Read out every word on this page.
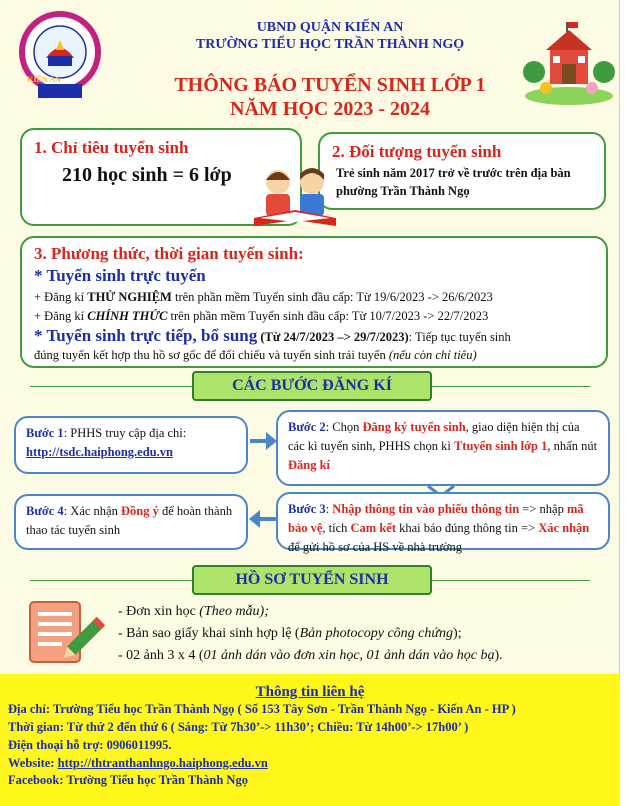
KIẾN AN
UBND QUẬN KIẾN AN
TRƯỜNG TIỂU HỌC TRẦN THÀNH NGỌ
THÔNG BÁO TUYỂN SINH LỚP 1
NĂM HỌC 2023 - 2024
1. Chỉ tiêu tuyển sinh
210 học sinh = 6 lớp
2. Đối tượng tuyển sinh
Trẻ sinh năm 2017 trở về trước trên địa bàn phường Trần Thành Ngọ
3. Phương thức, thời gian tuyển sinh:
* Tuyển sinh trực tuyến
+ Đăng kí THỬ NGHIỆM trên phần mềm Tuyển sinh đầu cấp: Từ 19/6/2023 -> 26/6/2023
+ Đăng kí CHÍNH THỨC trên phần mềm Tuyển sinh đầu cấp: Từ 10/7/2023 -> 22/7/2023
* Tuyển sinh trực tiếp, bổ sung (Từ 24/7/2023 –> 29/7/2023): Tiếp tục tuyển sinh
đúng tuyến kết hợp thu hồ sơ gốc để đối chiếu và tuyển sinh trái tuyến (nếu còn chỉ tiêu)
CÁC BƯỚC ĐĂNG KÍ
Bước 1: PHHS truy cập địa chỉ:
http://tsdc.haiphong.edu.vn
Bước 2: Chọn Đăng ký tuyển sinh, giao diện hiện thị của các kì tuyển sinh, PHHS chọn kì Ttuyển sinh lớp 1, nhấn nút Đăng kí
Bước 3: Nhập thông tin vào phiếu thông tin => nhập mã bảo vệ, tích Cam kết khai báo đúng thông tin => Xác nhận để gửi hồ sơ của HS về nhà trường
Bước 4: Xác nhận Đồng ý để hoàn thành thao tác tuyển sinh
HỒ SƠ TUYỂN SINH
- Đơn xin học (Theo mẫu);
- Bản sao giấy khai sinh hợp lệ (Bản photocopy công chứng);
- 02 ảnh 3 x 4 (01 ảnh dán vào đơn xin học, 01 ảnh dán vào học bạ).
Thông tin liên hệ
Địa chỉ: Trường Tiểu học Trần Thành Ngọ ( Số 153 Tây Sơn - Trần Thành Ngọ - Kiến An - HP )
Thời gian: Từ thứ 2 đến thứ 6 ( Sáng: Từ 7h30’-> 11h30’; Chiều: Từ 14h00’-> 17h00’ )
Điện thoại hỗ trợ: 0906011995.
Website: http://thtranthanhngo.haiphong.edu.vn
Facebook: Trường Tiểu học Trần Thành Ngọ
